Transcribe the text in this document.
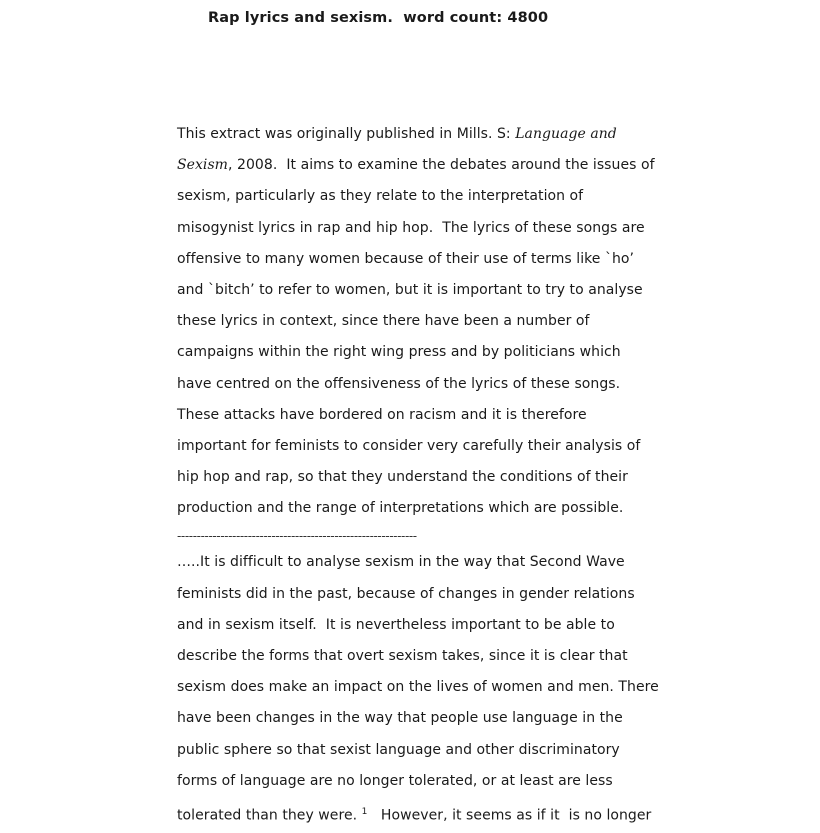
Rap lyrics and sexism.  word count: 4800
This extract was originally published in Mills. S: Language and
Sexism, 2008.  It aims to examine the debates around the issues of
sexism, particularly as they relate to the interpretation of
misogynist lyrics in rap and hip hop.  The lyrics of these songs are
offensive to many women because of their use of terms like `ho’
and `bitch’ to refer to women, but it is important to try to analyse
these lyrics in context, since there have been a number of
campaigns within the right wing press and by politicians which
have centred on the offensiveness of the lyrics of these songs.
These attacks have bordered on racism and it is therefore
important for feminists to consider very carefully their analysis of
hip hop and rap, so that they understand the conditions of their
production and the range of interpretations which are possible.
-------------------------------------------------------------
…..It is difficult to analyse sexism in the way that Second Wave
feminists did in the past, because of changes in gender relations
and in sexism itself.  It is nevertheless important to be able to
describe the forms that overt sexism takes, since it is clear that
sexism does make an impact on the lives of women and men. There
have been changes in the way that people use language in the
public sphere so that sexist language and other discriminatory
forms of language are no longer tolerated, or at least are less
tolerated than they were. $^1$   However, it seems as if it  is no longer
